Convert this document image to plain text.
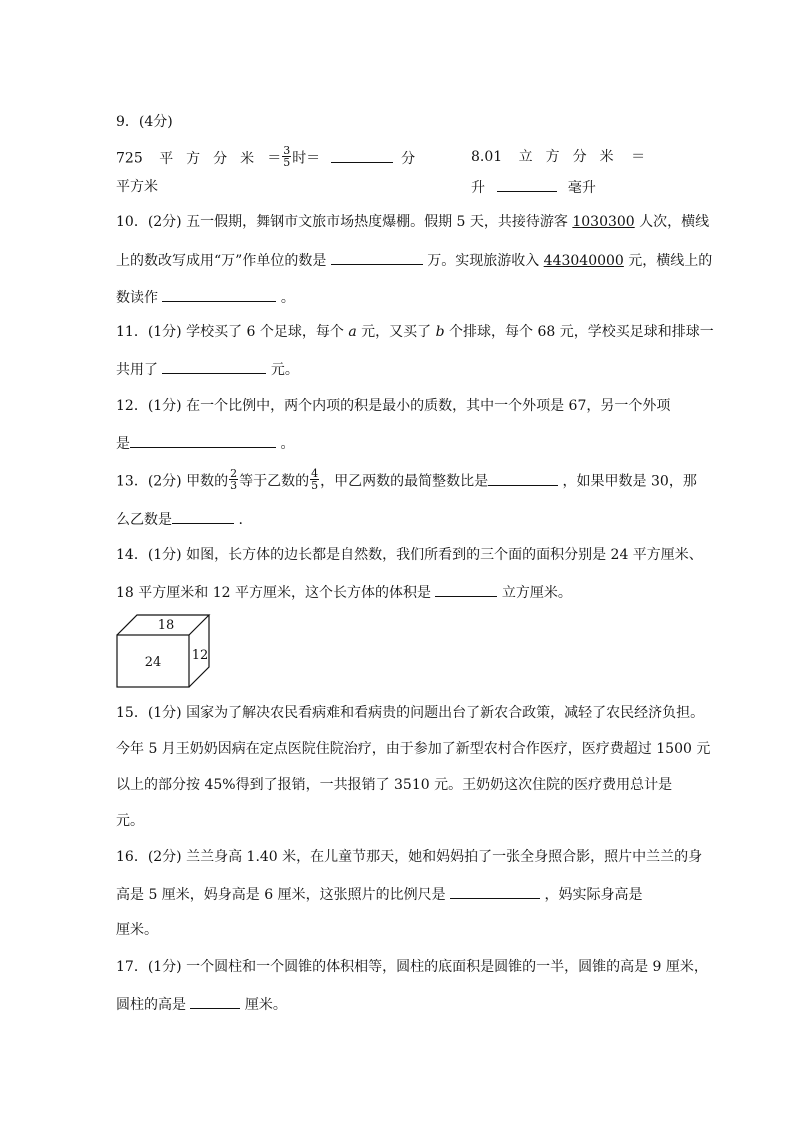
9．(4分)
725 平方分米＝ $\frac{3}{5}$ 时＝	分	8.01 立方分米 ＝
平方米	升	毫升
10．(2分) 五一假期，舞钢市文旅市场热度爆棚。假期 5 天，共接待游客 1030300 人次，横线
上的数改写成用“万”作单位的数是	万。实现旅游收入 443040000 元，横线上的
数读作	。
11．(1分) 学校买了 6 个足球，每个 a 元，又买了 b 个排球，每个 68 元，学校买足球和排球一
共用了	元。
12．(1分) 在一个比例中，两个内项的积是最小的质数，其中一个外项是 67，另一个外项
是	。
13．(2分) 甲数的 $\frac{2}{3}$ 等于乙数的 $\frac{4}{5}$ ，甲乙两数的最简整数比是	，如果甲数是 30，那
么乙数是	.
14．(1分) 如图，长方体的边长都是自然数，我们所看到的三个面的面积分别是 24 平方厘米、
18 平方厘米和 12 平方厘米，这个长方体的体积是	立方厘米。
18
24 12
15．(1分) 国家为了解决农民看病难和看病贵的问题出台了新农合政策，减轻了农民经济负担。
今年 5 月王奶奶因病在定点医院住院治疗，由于参加了新型农村合作医疗，医疗费超过 1500 元
以上的部分按 45%得到了报销，一共报销了 3510 元。王奶奶这次住院的医疗费用总计是
元。
16．(2分) 兰兰身高 1.40 米，在儿童节那天，她和妈妈拍了一张全身照合影，照片中兰兰的身
高是 5 厘米，妈身高是 6 厘米，这张照片的比例尺是	，妈实际身高是
厘米。
17．(1分) 一个圆柱和一个圆锥的体积相等，圆柱的底面积是圆锥的一半，圆锥的高是 9 厘米，
圆柱的高是	厘米。
